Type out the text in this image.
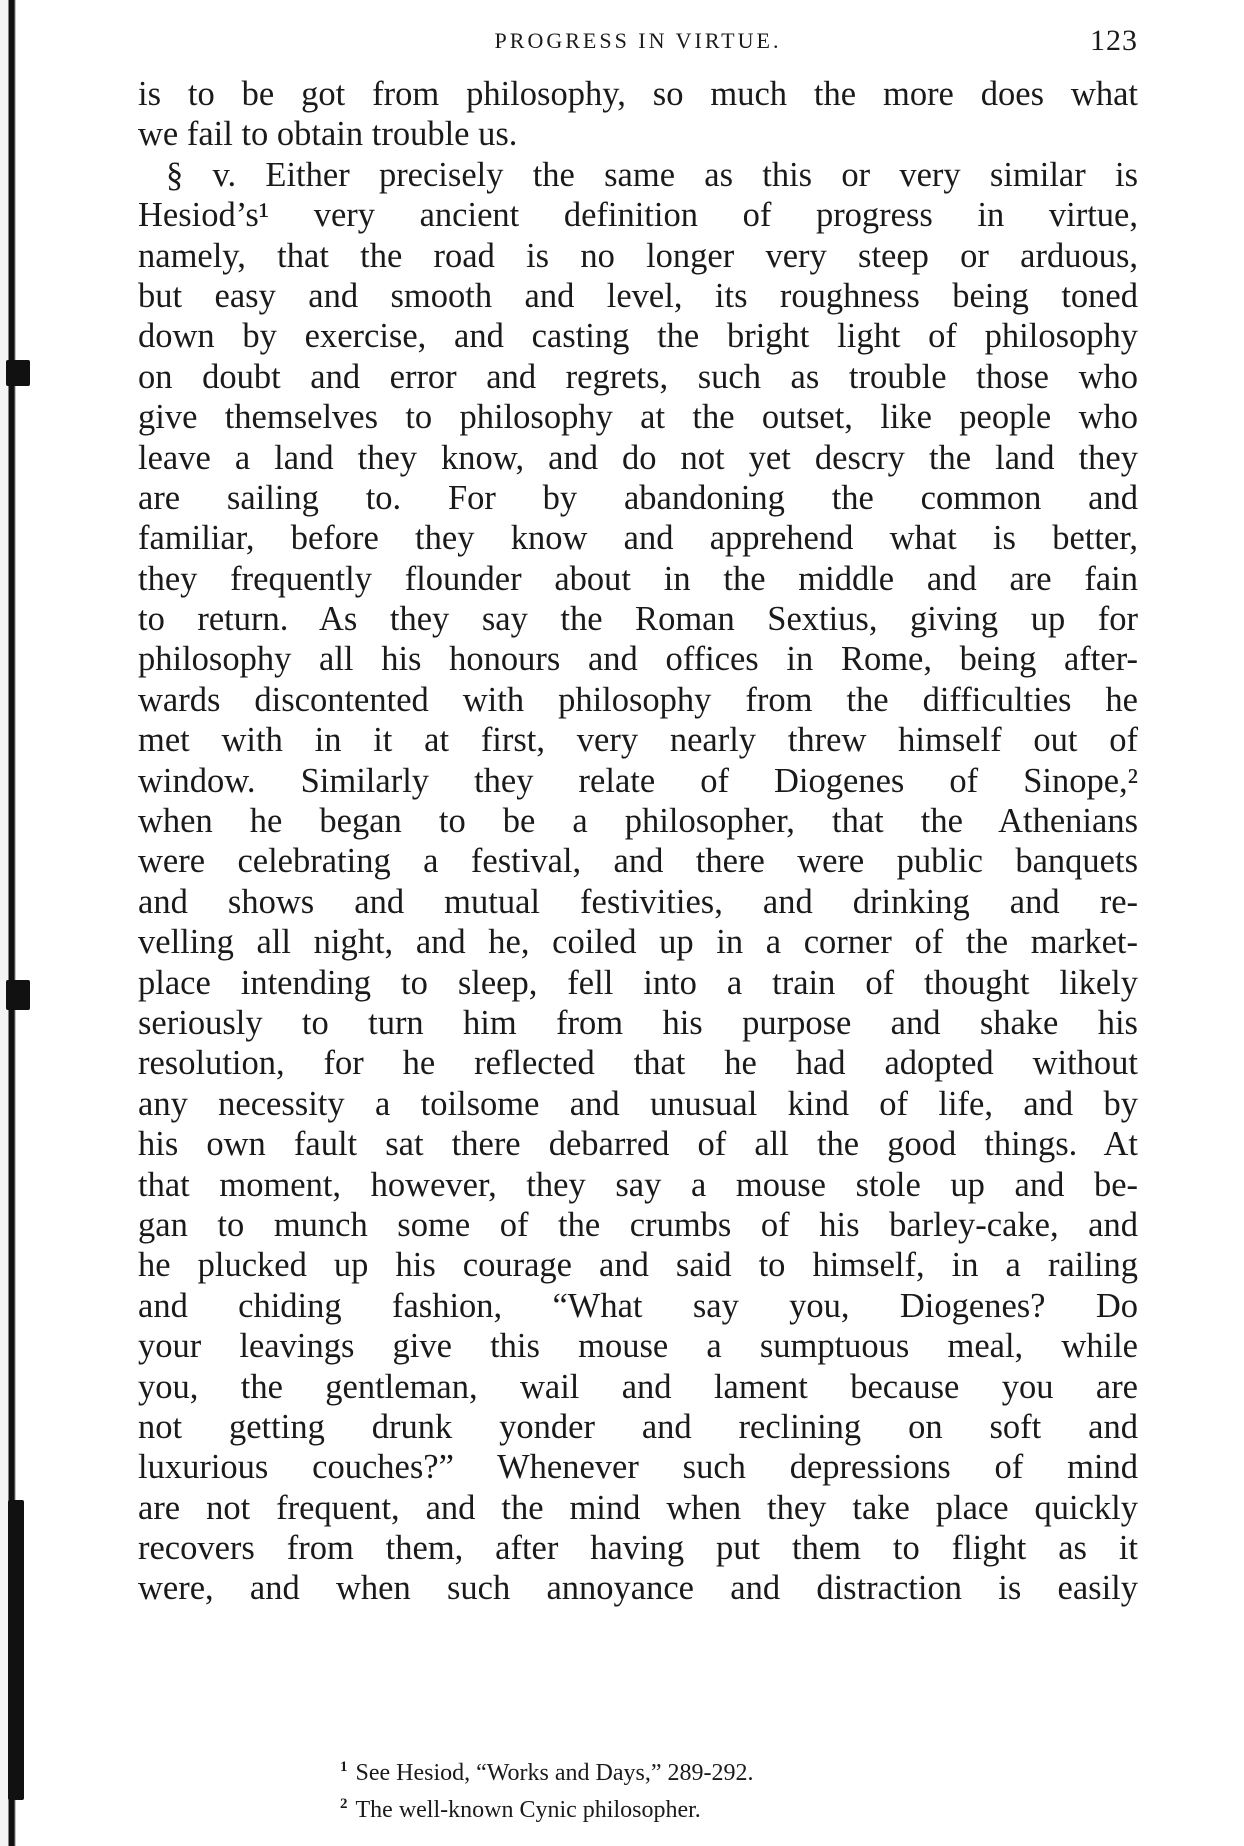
PROGRESS IN VIRTUE.	123
is to be got from philosophy, so much the more does what
we fail to obtain trouble us.
§ v. Either precisely the same as this or very similar is
Hesiod’s¹ very ancient definition of progress in virtue,
namely, that the road is no longer very steep or arduous,
but easy and smooth and level, its roughness being toned
down by exercise, and casting the bright light of philosophy
on doubt and error and regrets, such as trouble those who
give themselves to philosophy at the outset, like people who
leave a land they know, and do not yet descry the land they
are sailing to. For by abandoning the common and
familiar, before they know and apprehend what is better,
they frequently flounder about in the middle and are fain
to return. As they say the Roman Sextius, giving up for
philosophy all his honours and offices in Rome, being after-
wards discontented with philosophy from the difficulties he
met with in it at first, very nearly threw himself out of
window. Similarly they relate of Diogenes of Sinope,²
when he began to be a philosopher, that the Athenians
were celebrating a festival, and there were public banquets
and shows and mutual festivities, and drinking and re-
velling all night, and he, coiled up in a corner of the market-
place intending to sleep, fell into a train of thought likely
seriously to turn him from his purpose and shake his
resolution, for he reflected that he had adopted without
any necessity a toilsome and unusual kind of life, and by
his own fault sat there debarred of all the good things. At
that moment, however, they say a mouse stole up and be-
gan to munch some of the crumbs of his barley-cake, and
he plucked up his courage and said to himself, in a railing
and chiding fashion, “What say you, Diogenes? Do
your leavings give this mouse a sumptuous meal, while
you, the gentleman, wail and lament because you are
not getting drunk yonder and reclining on soft and
luxurious couches?” Whenever such depressions of mind
are not frequent, and the mind when they take place quickly
recovers from them, after having put them to flight as it
were, and when such annoyance and distraction is easily
$^1$ See Hesiod, “Works and Days,” 289-292.
$^2$ The well-known Cynic philosopher.
